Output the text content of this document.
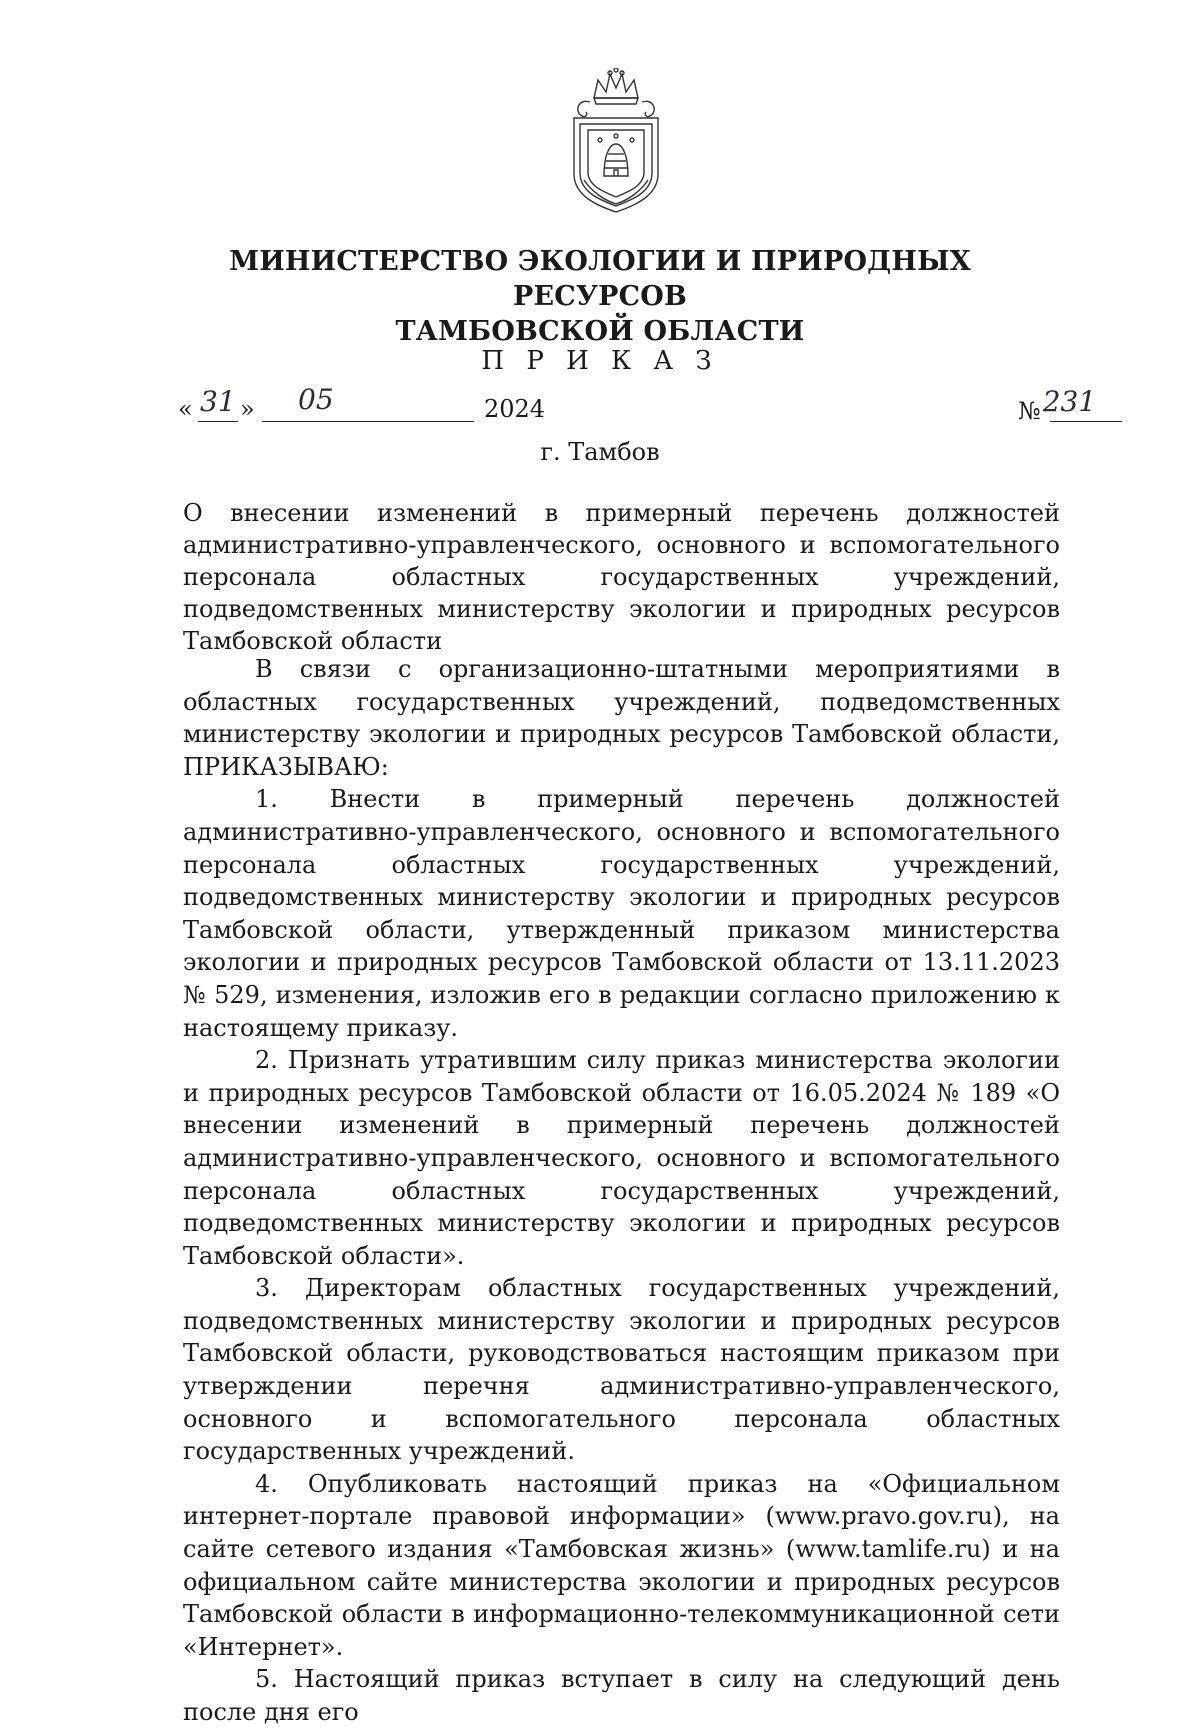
МИНИСТЕРСТВО ЭКОЛОГИИ И ПРИРОДНЫХ РЕСУРСОВ
ТАМБОВСКОЙ ОБЛАСТИ
П Р И К А З
« 31 » 05	2024	№231
г. Тамбов
О внесении изменений в примерный перечень должностей административно-управленческого, основного и вспомогательного персонала областных государственных учреждений, подведомственных министерству экологии и природных ресурсов Тамбовской области

В связи с организационно-штатными мероприятиями в областных государственных учреждений, подведомственных министерству экологии и природных ресурсов Тамбовской области, ПРИКАЗЫВАЮ:

1. Внести в примерный перечень должностей административно-управленческого, основного и вспомогательного персонала областных государственных учреждений, подведомственных министерству экологии и природных ресурсов Тамбовской области, утвержденный приказом министерства экологии и природных ресурсов Тамбовской области от 13.11.2023 № 529, изменения, изложив его в редакции согласно приложению к настоящему приказу.

2. Признать утратившим силу приказ министерства экологии и природных ресурсов Тамбовской области от 16.05.2024 № 189 «О внесении изменений в примерный перечень должностей административно-управленческого, основного и вспомогательного персонала областных государственных учреждений, подведомственных министерству экологии и природных ресурсов Тамбовской области».

3. Директорам областных государственных учреждений, подведомственных министерству экологии и природных ресурсов Тамбовской области, руководствоваться настоящим приказом при утверждении перечня административно-управленческого, основного и вспомогательного персонала областных государственных учреждений.

4. Опубликовать настоящий приказ на «Официальном интернет-портале правовой информации» (www.pravo.gov.ru), на сайте сетевого издания «Тамбовская жизнь» (www.tamlife.ru) и на официальном сайте министерства экологии и природных ресурсов Тамбовской области в информационно-телекоммуникационной сети «Интернет».

5. Настоящий приказ вступает в силу на следующий день после дня его
